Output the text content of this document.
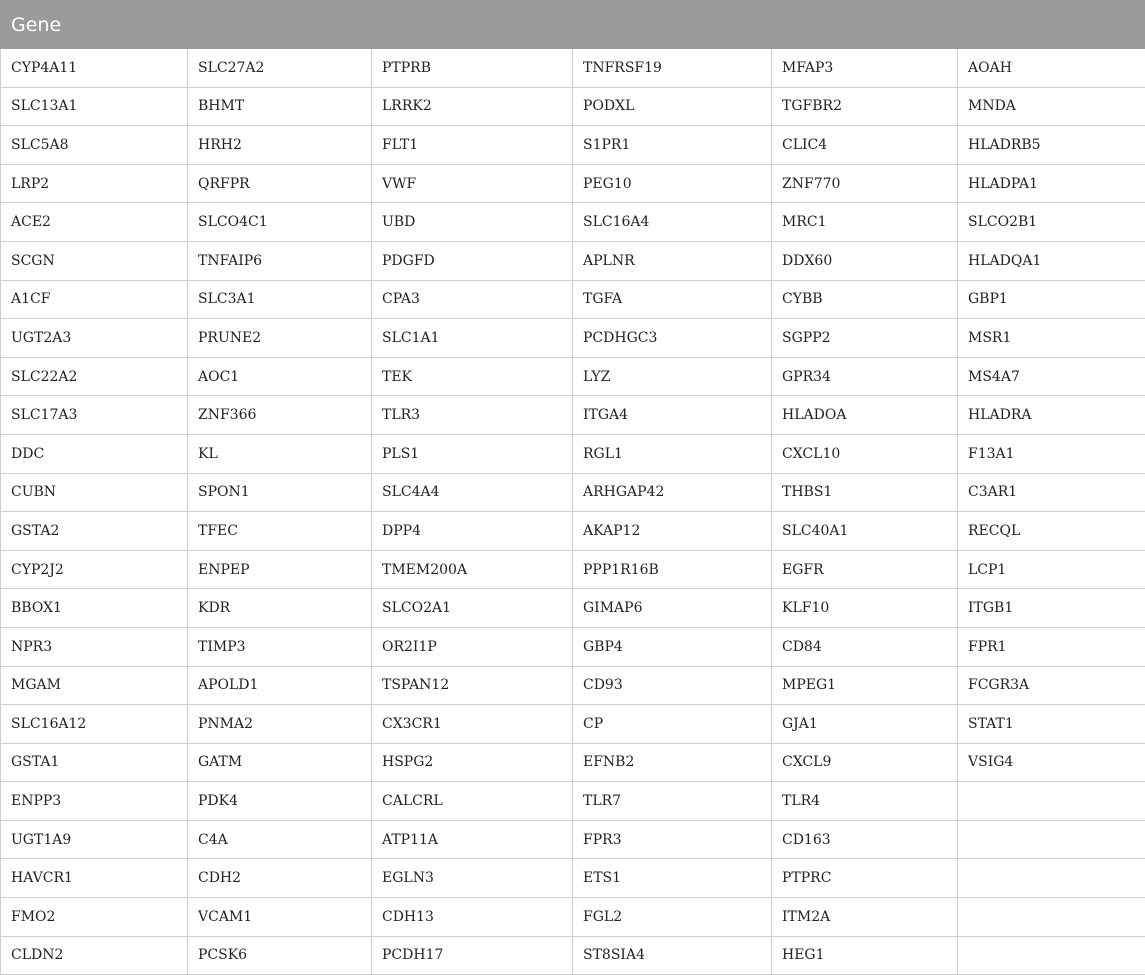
Gene					
CYP4A11	SLC27A2	PTPRB	TNFRSF19	MFAP3	AOAH
SLC13A1	BHMT	LRRK2	PODXL	TGFBR2	MNDA
SLC5A8	HRH2	FLT1	S1PR1	CLIC4	HLADRB5
LRP2	QRFPR	VWF	PEG10	ZNF770	HLADPA1
ACE2	SLCO4C1	UBD	SLC16A4	MRC1	SLCO2B1
SCGN	TNFAIP6	PDGFD	APLNR	DDX60	HLADQA1
A1CF	SLC3A1	CPA3	TGFA	CYBB	GBP1
UGT2A3	PRUNE2	SLC1A1	PCDHGC3	SGPP2	MSR1
SLC22A2	AOC1	TEK	LYZ	GPR34	MS4A7
SLC17A3	ZNF366	TLR3	ITGA4	HLADOA	HLADRA
DDC	KL	PLS1	RGL1	CXCL10	F13A1
CUBN	SPON1	SLC4A4	ARHGAP42	THBS1	C3AR1
GSTA2	TFEC	DPP4	AKAP12	SLC40A1	RECQL
CYP2J2	ENPEP	TMEM200A	PPP1R16B	EGFR	LCP1
BBOX1	KDR	SLCO2A1	GIMAP6	KLF10	ITGB1
NPR3	TIMP3	OR2I1P	GBP4	CD84	FPR1
MGAM	APOLD1	TSPAN12	CD93	MPEG1	FCGR3A
SLC16A12	PNMA2	CX3CR1	CP	GJA1	STAT1
GSTA1	GATM	HSPG2	EFNB2	CXCL9	VSIG4
ENPP3	PDK4	CALCRL	TLR7	TLR4	
UGT1A9	C4A	ATP11A	FPR3	CD163	
HAVCR1	CDH2	EGLN3	ETS1	PTPRC	
FMO2	VCAM1	CDH13	FGL2	ITM2A	
CLDN2	PCSK6	PCDH17	ST8SIA4	HEG1	
